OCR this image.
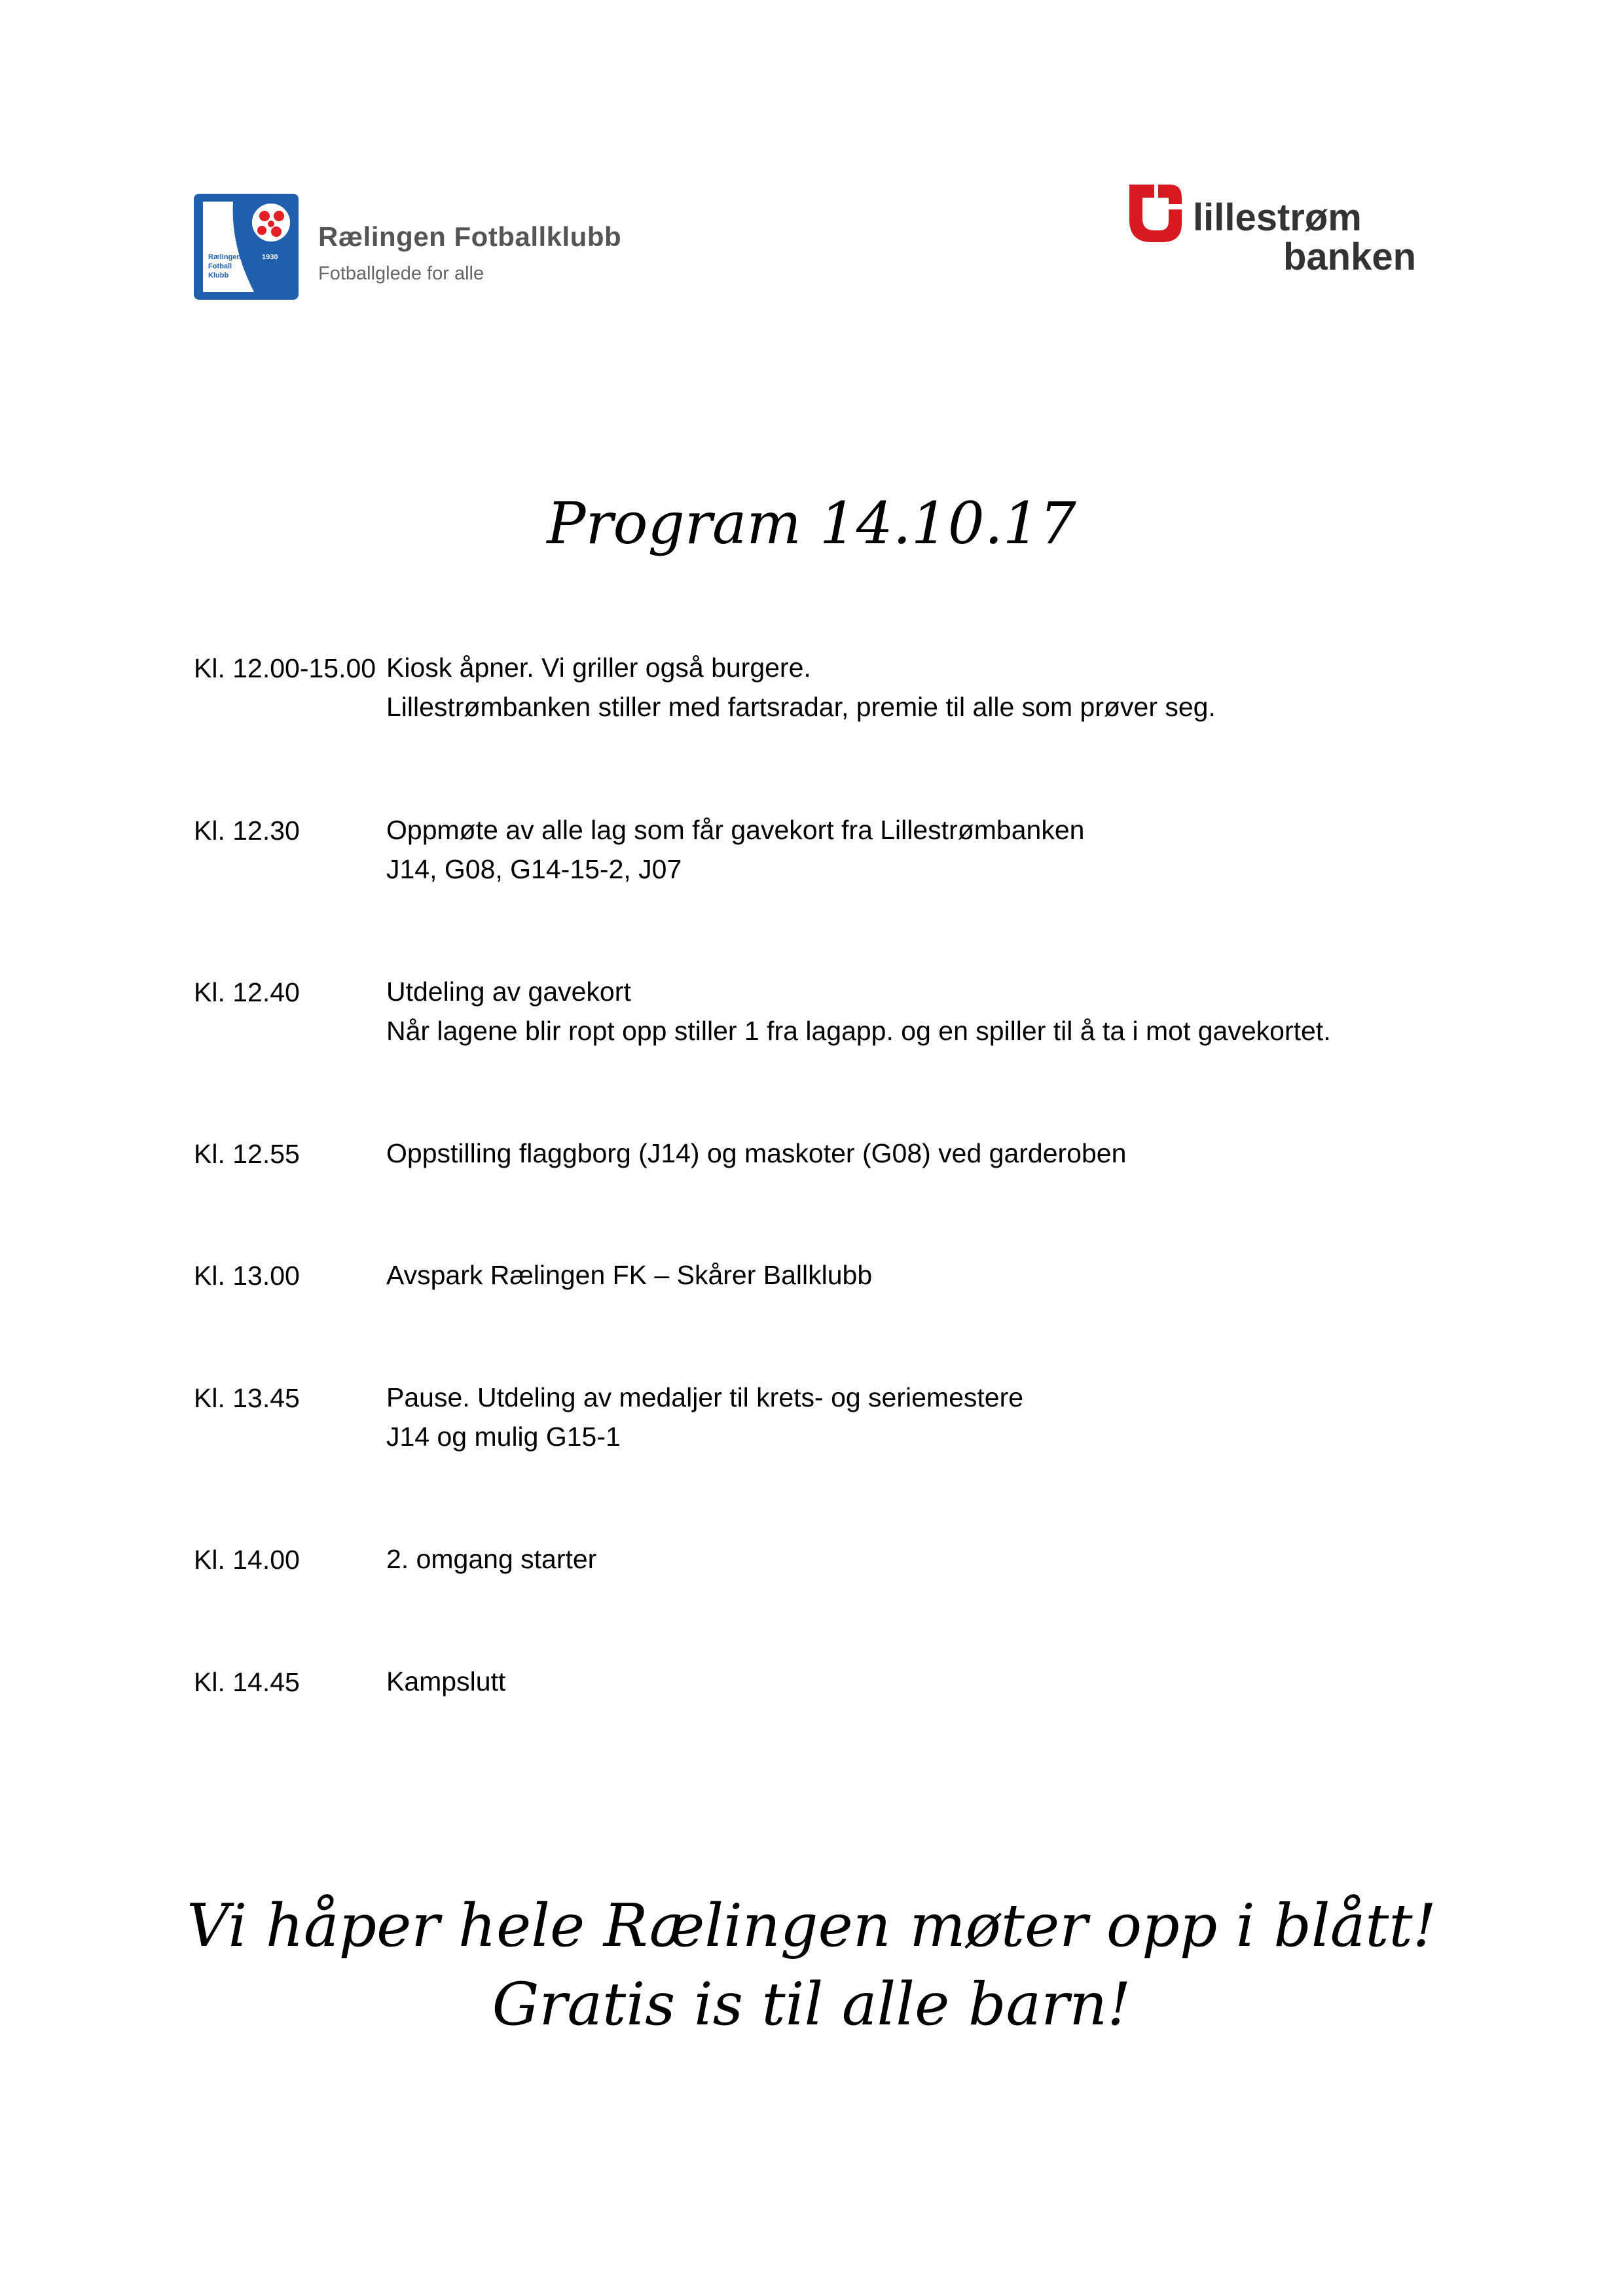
Rælingen
Fotball
Klubb
1930
Rælingen Fotballklubb
Fotballglede for alle
lillestrøm
banken
Program 14.10.17
Kl. 12.00-15.00 Kiosk åpner. Vi griller også burgere.
Lillestrømbanken stiller med fartsradar, premie til alle som prøver seg.
Kl. 12.30	Oppmøte av alle lag som får gavekort fra Lillestrømbanken
J14, G08, G14-15-2, J07
Kl. 12.40	Utdeling av gavekort
Når lagene blir ropt opp stiller 1 fra lagapp. og en spiller til å ta i mot gavekortet.
Kl. 12.55	Oppstilling flaggborg (J14) og maskoter (G08) ved garderoben
Kl. 13.00	Avspark Rælingen FK – Skårer Ballklubb
Kl. 13.45	Pause. Utdeling av medaljer til krets- og seriemestere
J14 og mulig G15-1
Kl. 14.00	2. omgang starter
Kl. 14.45	Kampslutt
Vi håper hele Rælingen møter opp i blått!
Gratis is til alle barn!
